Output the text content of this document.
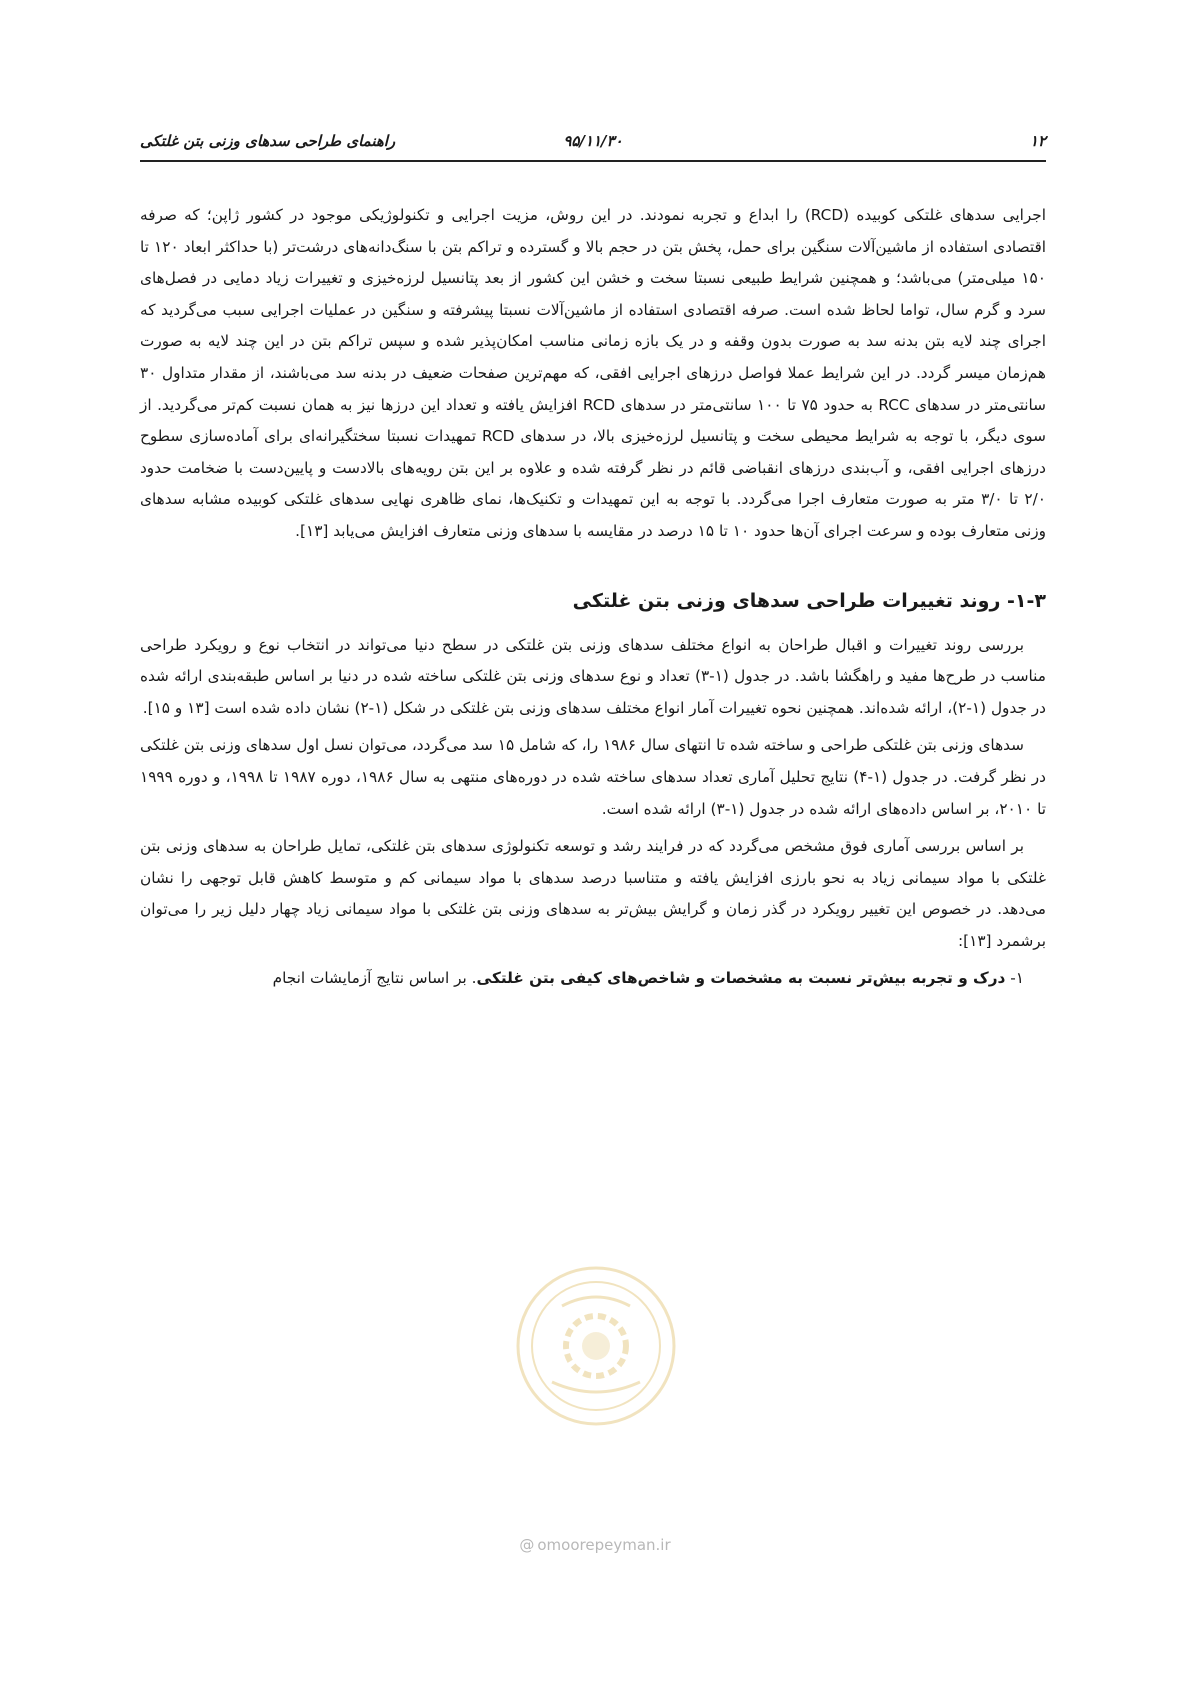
۱۲
۹۵/۱۱/۳۰
راهنمای طراحی سدهای وزنی بتن غلتکی

اجرایی سدهای غلتکی کوبیده (RCD) را ابداع و تجربه نمودند. در این روش، مزیت اجرایی و تکنولوژیکی موجود در کشور ژاپن؛ که صرفه اقتصادی استفاده از ماشین‌آلات سنگین برای حمل، پخش بتن در حجم بالا و گسترده و تراکم بتن با سنگ‌دانه‌های درشت‌تر (با حداکثر ابعاد ۱۲۰ تا ۱۵۰ میلی‌متر) می‌باشد؛ و همچنین شرایط طبیعی نسبتا سخت و خشن این کشور از بعد پتانسیل لرزه‌خیزی و تغییرات زیاد دمایی در فصل‌های سرد و گرم سال، تواما لحاظ شده است. صرفه اقتصادی استفاده از ماشین‌آلات نسبتا پیشرفته و سنگین در عملیات اجرایی سبب می‌گردید که اجرای چند لایه بتن بدنه سد به صورت بدون وقفه و در یک بازه زمانی مناسب امکان‌پذیر شده و سپس تراکم بتن در این چند لایه به صورت هم‌زمان میسر گردد. در این شرایط عملا فواصل درزهای اجرایی افقی، که مهم‌ترین صفحات ضعیف در بدنه سد می‌باشند، از مقدار متداول ۳۰ سانتی‌متر در سدهای RCC به حدود ۷۵ تا ۱۰۰ سانتی‌متر در سدهای RCD افزایش یافته و تعداد این درزها نیز به همان نسبت کم‌تر می‌گردید. از سوی دیگر، با توجه به شرایط محیطی سخت و پتانسیل لرزه‌خیزی بالا، در سدهای RCD تمهیدات نسبتا سختگیرانه‌ای برای آماده‌سازی سطوح درزهای اجرایی افقی، و آب‌بندی درزهای انقباضی قائم در نظر گرفته شده و علاوه بر این بتن رویه‌های بالادست و پایین‌دست با ضخامت حدود ۲/۰ تا ۳/۰ متر به صورت متعارف اجرا می‌گردد. با توجه به این تمهیدات و تکنیک‌ها، نمای ظاهری نهایی سدهای غلتکی کوبیده مشابه سدهای وزنی متعارف بوده و سرعت اجرای آن‌ها حدود ۱۰ تا ۱۵ درصد در مقایسه با سدهای وزنی متعارف افزایش می‌یابد [۱۳].

۱-۳- روند تغییرات طراحی سدهای وزنی بتن غلتکی

بررسی روند تغییرات و اقبال طراحان به انواع مختلف سدهای وزنی بتن غلتکی در سطح دنیا می‌تواند در انتخاب نوع و رویکرد طراحی مناسب در طرح‌ها مفید و راهگشا باشد. در جدول (۱-۳) تعداد و نوع سدهای وزنی بتن غلتکی ساخته شده در دنیا بر اساس طبقه‌بندی ارائه شده در جدول (۱-۲)، ارائه شده‌اند. همچنین نحوه تغییرات آمار انواع مختلف سدهای وزنی بتن غلتکی در شکل (۱-۲) نشان داده شده است [۱۳ و ۱۵].

سدهای وزنی بتن غلتکی طراحی و ساخته شده تا انتهای سال ۱۹۸۶ را، که شامل ۱۵ سد می‌گردد، می‌توان نسل اول سدهای وزنی بتن غلتکی در نظر گرفت. در جدول (۱-۴) نتایج تحلیل آماری تعداد سدهای ساخته شده در دوره‌های منتهی به سال ۱۹۸۶، دوره ۱۹۸۷ تا ۱۹۹۸، و دوره ۱۹۹۹ تا ۲۰۱۰، بر اساس داده‌های ارائه شده در جدول (۱-۳) ارائه شده است.

بر اساس بررسی آماری فوق مشخص می‌گردد که در فرایند رشد و توسعه تکنولوژی سدهای بتن غلتکی، تمایل طراحان به سدهای وزنی بتن غلتکی با مواد سیمانی زیاد به نحو بارزی افزایش یافته و متناسبا درصد سدهای با مواد سیمانی کم و متوسط کاهش قابل توجهی را نشان می‌دهد. در خصوص این تغییر رویکرد در گذر زمان و گرایش بیش‌تر به سدهای وزنی بتن غلتکی با مواد سیمانی زیاد چهار دلیل زیر را می‌توان برشمرد [۱۳]:

۱- درک و تجربه بیش‌تر نسبت به مشخصات و شاخص‌های کیفی بتن غلتکی. بر اساس نتایج آزمایشات انجام

@ omoorepeyman.ir
